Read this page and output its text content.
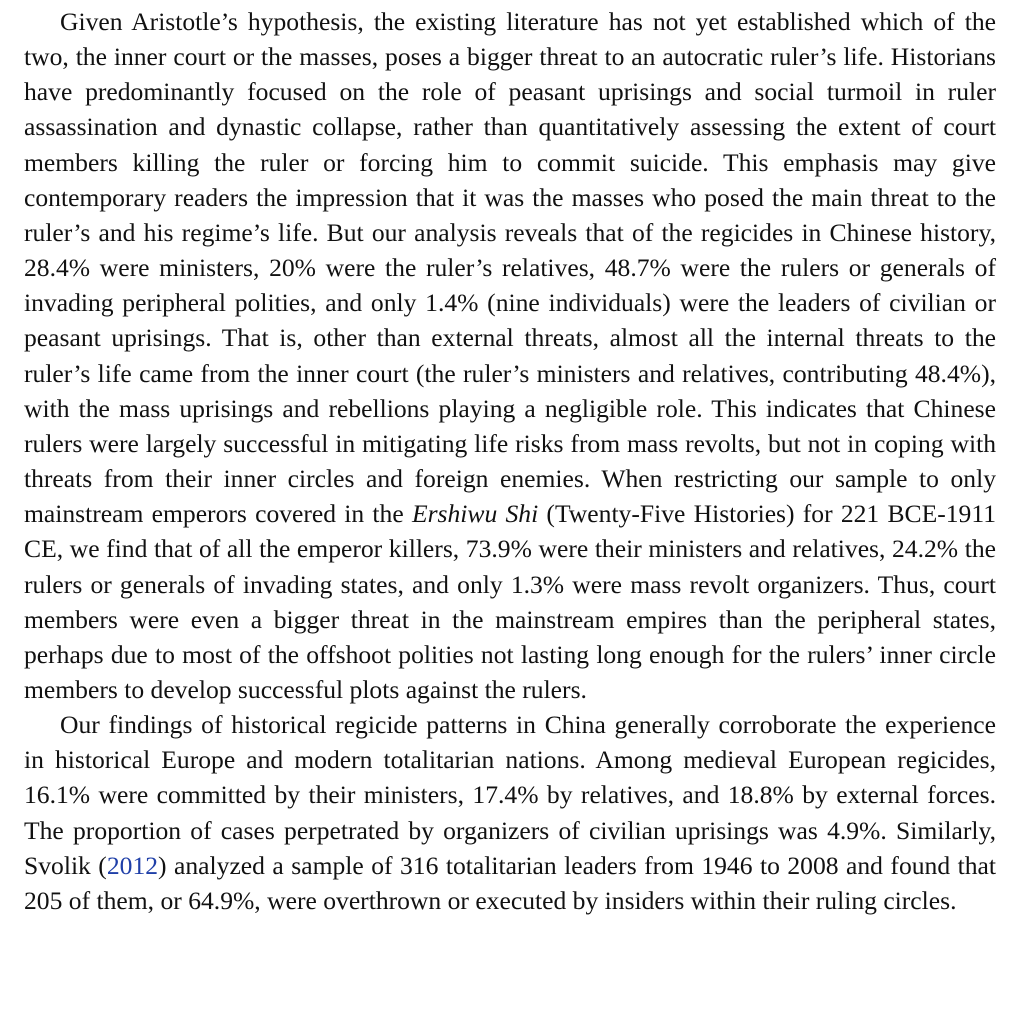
Given Aristotle’s hypothesis, the existing literature has not yet established which of the two, the inner court or the masses, poses a bigger threat to an autocratic ruler’s life. Historians have predominantly focused on the role of peasant uprisings and social turmoil in ruler assassination and dynastic collapse, rather than quantitatively assessing the extent of court members killing the ruler or forcing him to commit suicide. This emphasis may give contemporary readers the impression that it was the masses who posed the main threat to the ruler’s and his regime’s life. But our analysis reveals that of the regicides in Chinese history, 28.4% were ministers, 20% were the ruler’s relatives, 48.7% were the rulers or generals of invading peripheral polities, and only 1.4% (nine individuals) were the leaders of civilian or peasant uprisings. That is, other than external threats, almost all the internal threats to the ruler’s life came from the inner court (the ruler’s ministers and relatives, contributing 48.4%), with the mass uprisings and rebellions playing a negligible role. This indicates that Chinese rulers were largely successful in mitigating life risks from mass revolts, but not in coping with threats from their inner circles and foreign enemies. When restricting our sample to only mainstream emperors covered in the Ershiwu Shi (Twenty-Five Histories) for 221 BCE-1911 CE, we find that of all the emperor killers, 73.9% were their ministers and relatives, 24.2% the rulers or generals of invading states, and only 1.3% were mass revolt organizers. Thus, court members were even a bigger threat in the mainstream empires than the peripheral states, perhaps due to most of the offshoot polities not lasting long enough for the rulers’ inner circle members to develop successful plots against the rulers.

Our findings of historical regicide patterns in China generally corroborate the experience in historical Europe and modern totalitarian nations. Among medieval European regicides, 16.1% were committed by their ministers, 17.4% by relatives, and 18.8% by external forces. The proportion of cases perpetrated by organizers of civilian uprisings was 4.9%. Similarly, Svolik (2012) analyzed a sample of 316 totalitarian leaders from 1946 to 2008 and found that 205 of them, or 64.9%, were overthrown or executed by insiders within their ruling circles.
